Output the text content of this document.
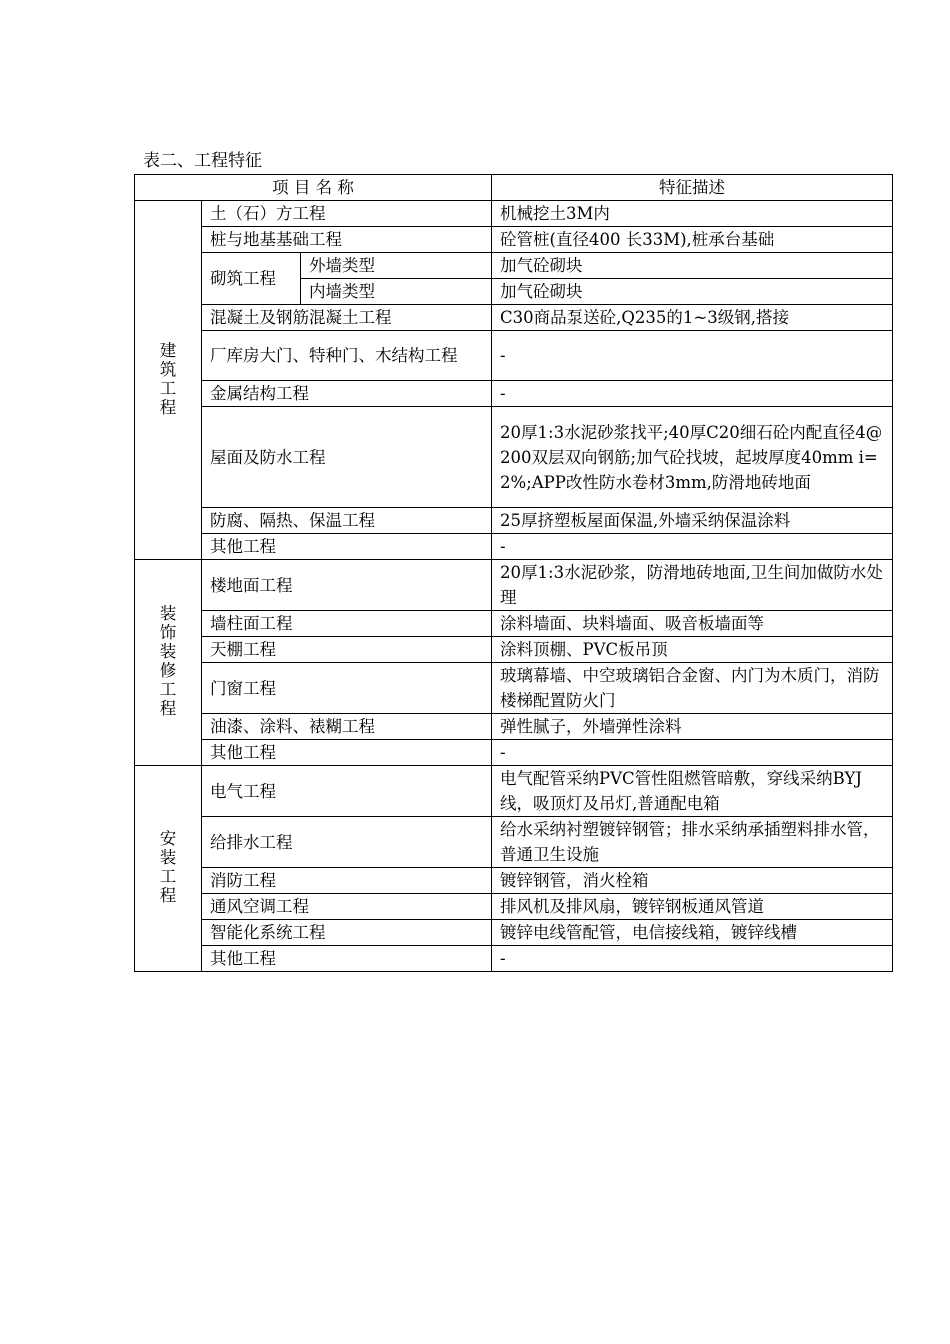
表二、工程特征
项 目 名 称			特征描述
建筑工程	土（石）方工程		机械挖土3M内
	桩与地基基础工程		砼管桩(直径400 长33M),桩承台基础
	砌筑工程	外墙类型	加气砼砌块
		内墙类型	加气砼砌块
	混凝土及钢筋混凝土工程		C30商品泵送砼,Q235的1~3级钢,搭接
	厂库房大门、特种门、木结构工程		-
	金属结构工程		-
	屋面及防水工程		20厚1:3水泥砂浆找平;40厚C20细石砼内配直径4@200双层双向钢筋;加气砼找坡，起坡厚度40mm i=2%;APP改性防水卷材3mm,防滑地砖地面
	防腐、隔热、保温工程		25厚挤塑板屋面保温,外墙采纳保温涂料
	其他工程		-
装饰装修工程	楼地面工程		20厚1:3水泥砂浆，防滑地砖地面,卫生间加做防水处理
	墙柱面工程		涂料墙面、块料墙面、吸音板墙面等
	天棚工程		涂料顶棚、PVC板吊顶
	门窗工程		玻璃幕墙、中空玻璃铝合金窗、内门为木质门，消防楼梯配置防火门
	油漆、涂料、裱糊工程		弹性腻子，外墙弹性涂料
	其他工程		-
安装工程	电气工程		电气配管采纳PVC管性阻燃管暗敷，穿线采纳BYJ线，吸顶灯及吊灯,普通配电箱
	给排水工程		给水采纳衬塑镀锌钢管；排水采纳承插塑料排水管，普通卫生设施
	消防工程		镀锌钢管，消火栓箱
	通风空调工程		排风机及排风扇，镀锌钢板通风管道
	智能化系统工程		镀锌电线管配管，电信接线箱，镀锌线槽
	其他工程		-
